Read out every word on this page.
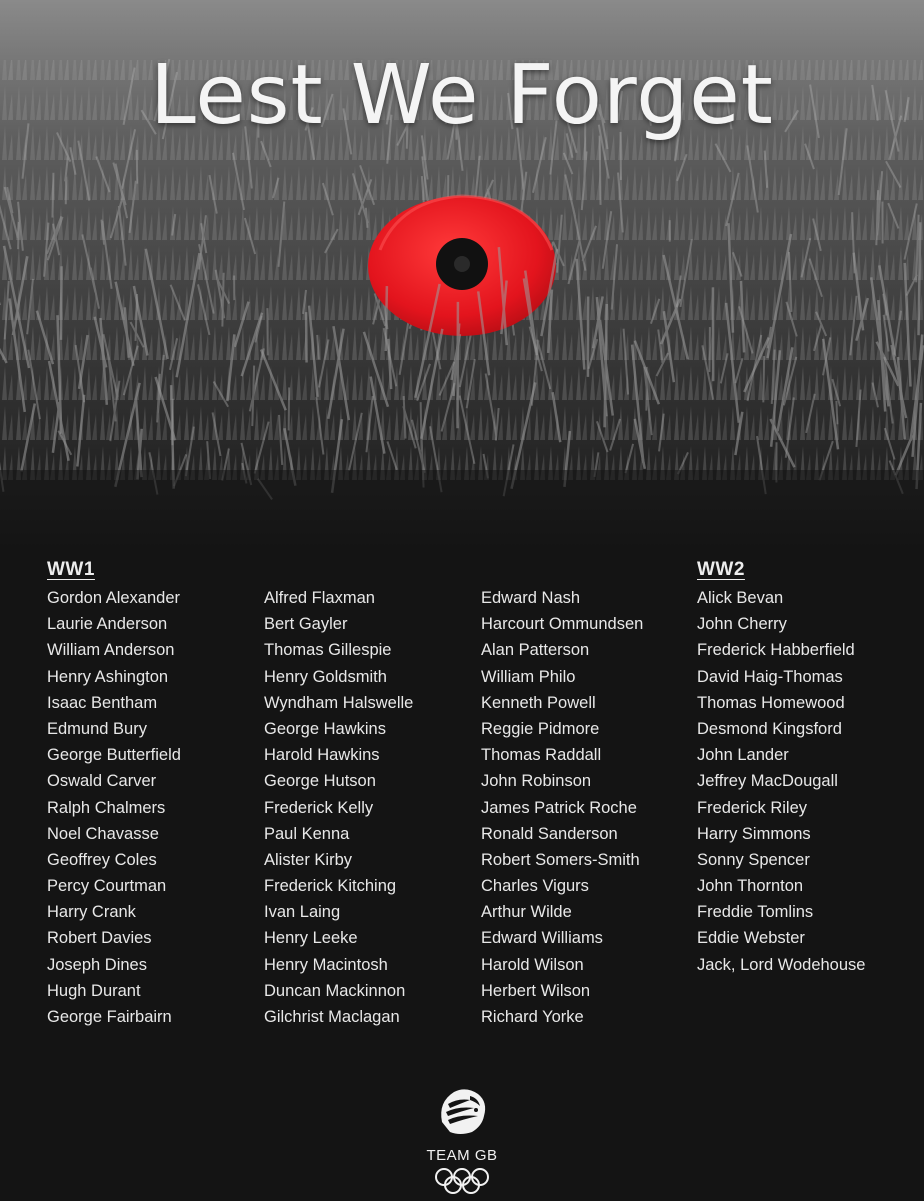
Lest We Forget
WW1
Gordon Alexander
Laurie Anderson
William Anderson
Henry Ashington
Isaac Bentham
Edmund Bury
George Butterfield
Oswald Carver
Ralph Chalmers
Noel Chavasse
Geoffrey Coles
Percy Courtman
Harry Crank
Robert Davies
Joseph Dines
Hugh Durant
George Fairbairn
Alfred Flaxman
Bert Gayler
Thomas Gillespie
Henry Goldsmith
Wyndham Halswelle
George Hawkins
Harold Hawkins
George Hutson
Frederick Kelly
Paul Kenna
Alister Kirby
Frederick Kitching
Ivan Laing
Henry Leeke
Henry Macintosh
Duncan Mackinnon
Gilchrist Maclagan
Edward Nash
Harcourt Ommundsen
Alan Patterson
William Philo
Kenneth Powell
Reggie Pidmore
Thomas Raddall
John Robinson
James Patrick Roche
Ronald Sanderson
Robert Somers-Smith
Charles Vigurs
Arthur Wilde
Edward Williams
Harold Wilson
Herbert Wilson
Richard Yorke
WW2
Alick Bevan
John Cherry
Frederick Habberfield
David Haig-Thomas
Thomas Homewood
Desmond Kingsford
John Lander
Jeffrey MacDougall
Frederick Riley
Harry Simmons
Sonny Spencer
John Thornton
Freddie Tomlins
Eddie Webster
Jack, Lord Wodehouse
TEAM GB
